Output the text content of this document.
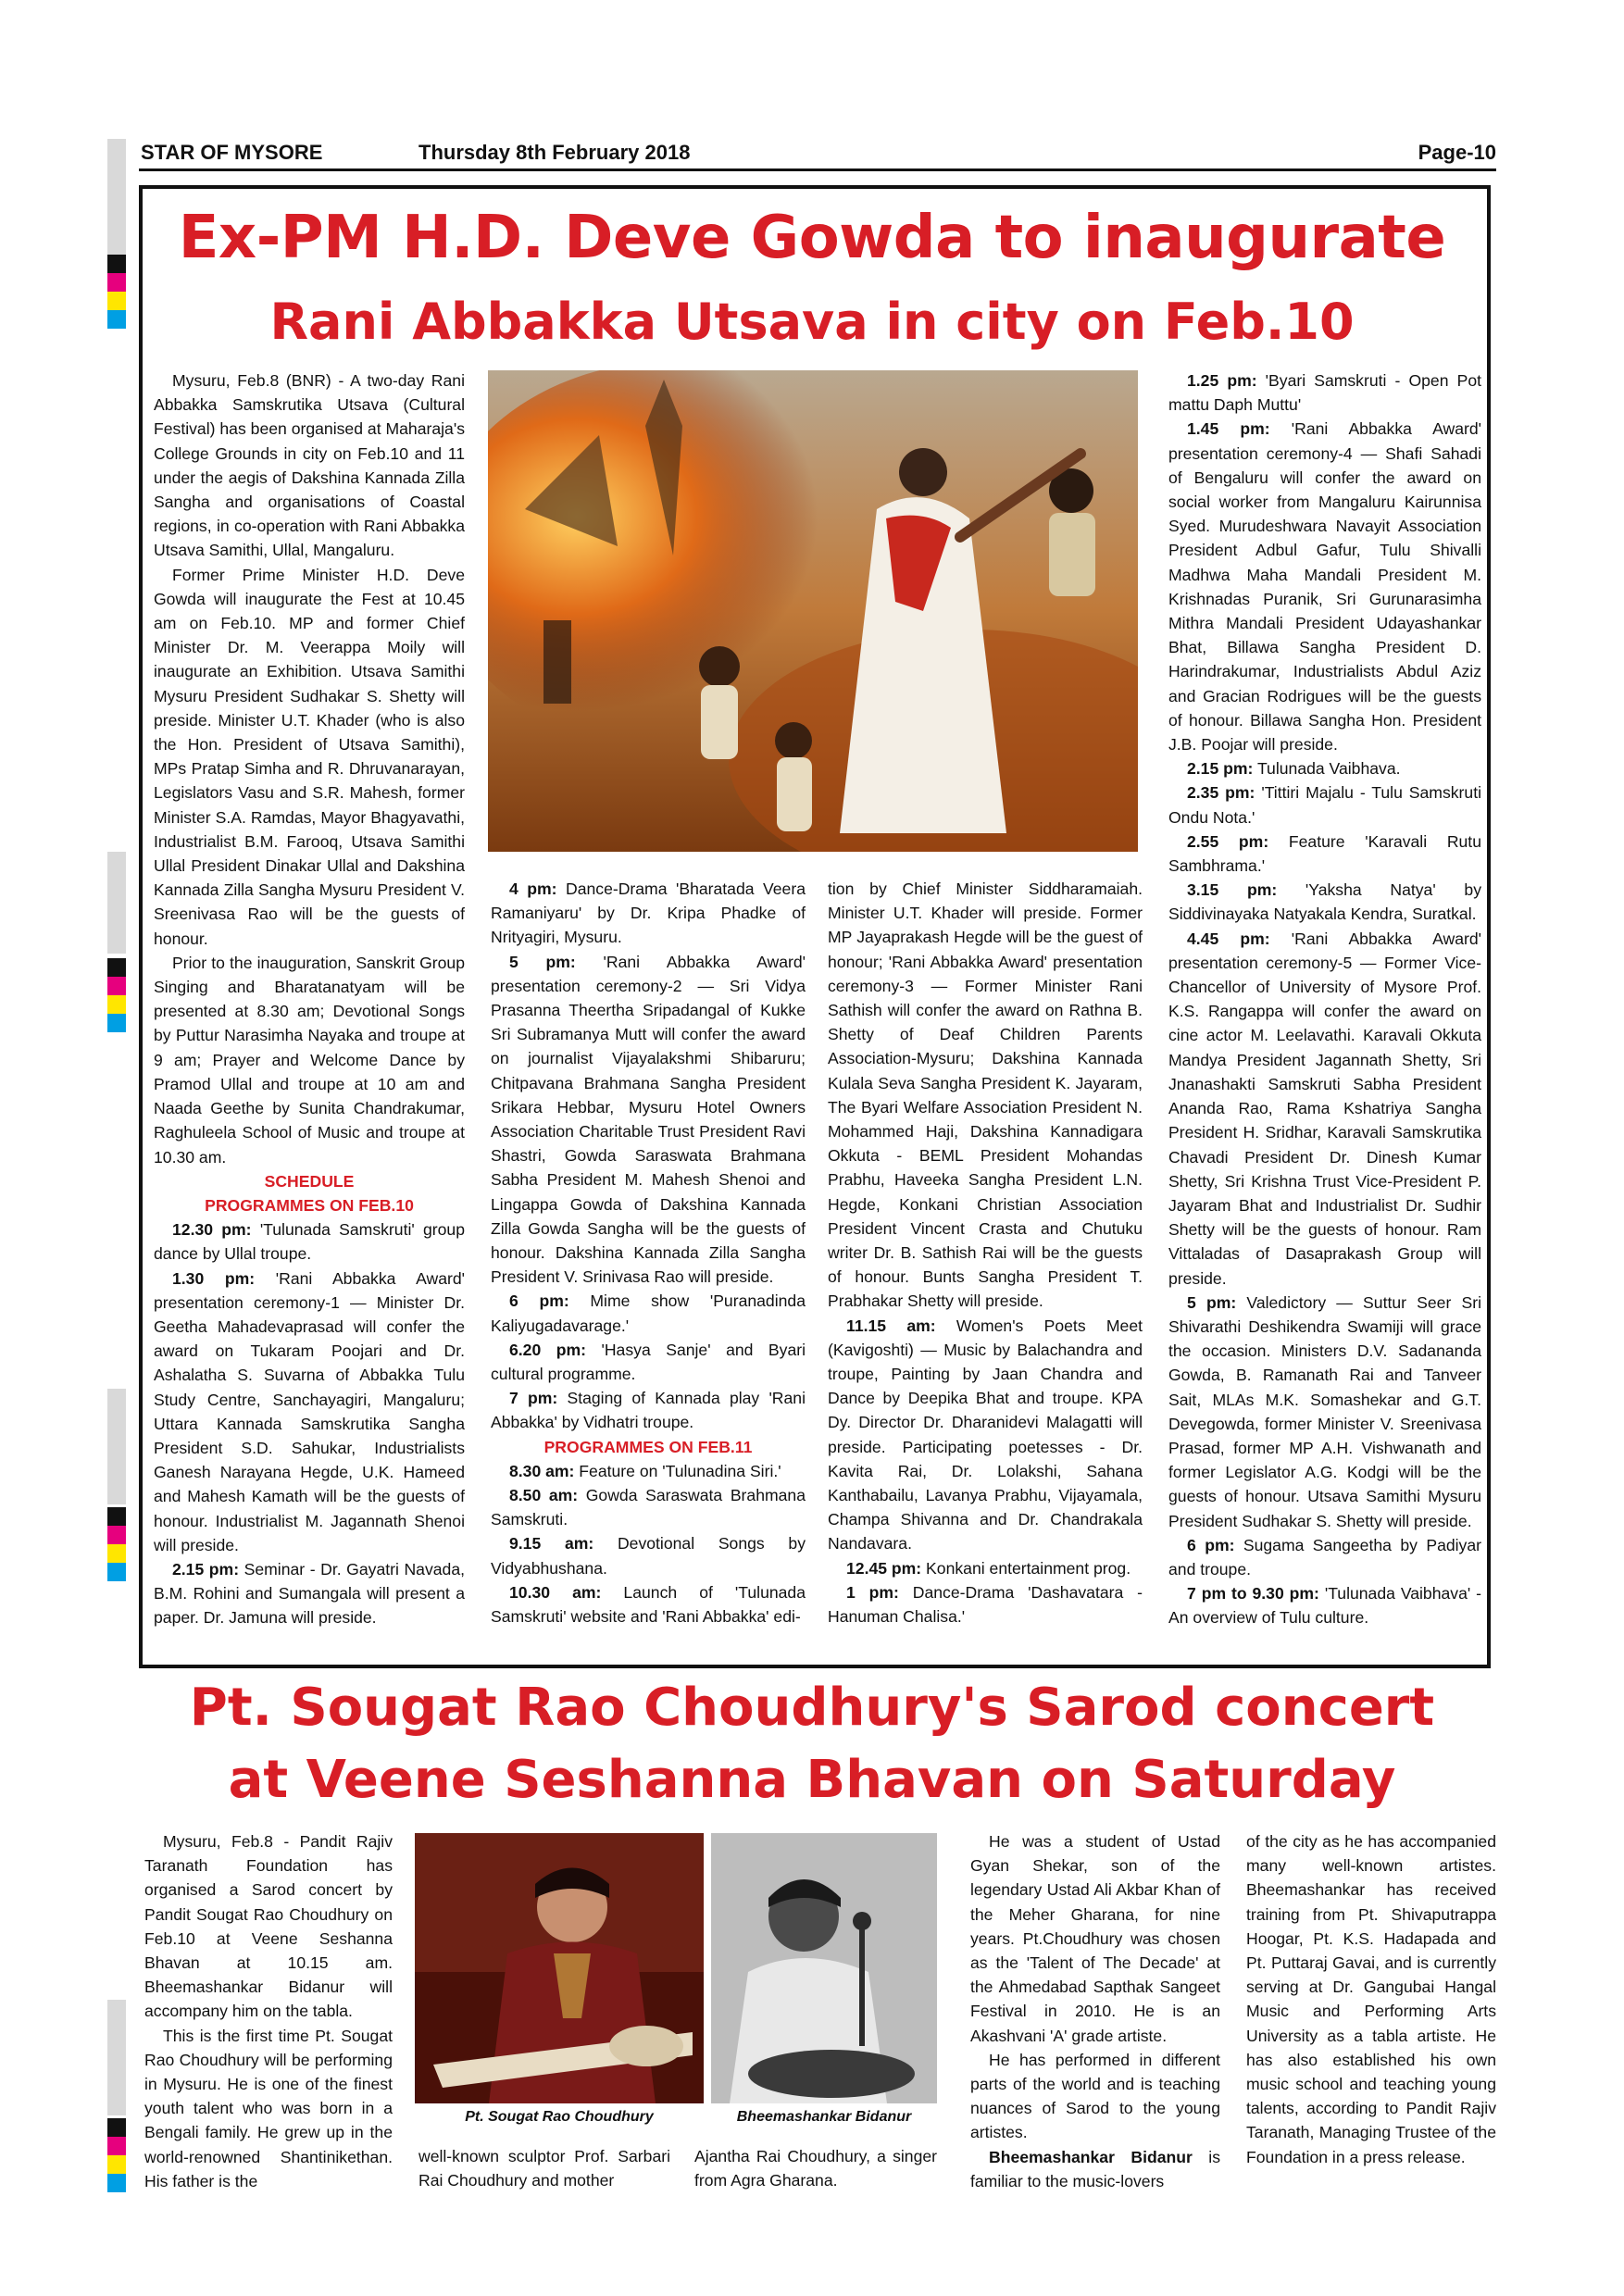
STAR OF MYSORE	Thursday 8th February 2018	Page-10
Ex-PM H.D. Deve Gowda to inaugurate
Rani Abbakka Utsava in city on Feb.10

Mysuru, Feb.8 (BNR) - A two-day Rani Abbakka Samskrutika Utsava (Cultural Festival) has been organised at Maharaja's College Grounds in city on Feb.10 and 11 under the aegis of Dakshina Kannada Zilla Sangha and organisations of Coastal regions, in co-operation with Rani Abbakka Utsava Samithi, Ullal, Mangaluru.

Former Prime Minister H.D. Deve Gowda will inaugurate the Fest at 10.45 am on Feb.10. MP and former Chief Minister Dr. M. Veerappa Moily will inaugurate an Exhibition. Utsava Samithi Mysuru President Sudhakar S. Shetty will preside. Minister U.T. Khader (who is also the Hon. President of Utsava Samithi), MPs Pratap Simha and R. Dhruvanarayan, Legislators Vasu and S.R. Mahesh, former Minister S.A. Ramdas, Mayor Bhagyavathi, Industrialist B.M. Farooq, Utsava Samithi Ullal President Dinakar Ullal and Dakshina Kannada Zilla Sangha Mysuru President V. Sreenivasa Rao will be the guests of honour.

Prior to the inauguration, Sanskrit Group Singing and Bharatanatyam will be presented at 8.30 am; Devotional Songs by Puttur Narasimha Nayaka and troupe at 9 am; Prayer and Welcome Dance by Pramod Ullal and troupe at 10 am and Naada Geethe by Sunita Chandrakumar, Raghuleela School of Music and troupe at 10.30 am.

SCHEDULE

PROGRAMMES ON FEB.10

12.30 pm: 'Tulunada Samskruti' group dance by Ullal troupe.

1.30 pm: 'Rani Abbakka Award' presentation ceremony-1 — Minister Dr. Geetha Mahadevaprasad will confer the award on Tukaram Poojari and Dr. Ashalatha S. Suvarna of Abbakka Tulu Study Centre, Sanchayagiri, Mangaluru; Uttara Kannada Samskrutika Sangha President S.D. Sahukar, Industrialists Ganesh Narayana Hegde, U.K. Hameed and Mahesh Kamath will be the guests of honour. Industrialist M. Jagannath Shenoi will preside.

2.15 pm: Seminar - Dr. Gayatri Navada, B.M. Rohini and Sumangala will present a paper. Dr. Jamuna will preside.

4 pm: Dance-Drama 'Bharatada Veera Ramaniyaru' by Dr. Kripa Phadke of Nrityagiri, Mysuru.

5 pm: 'Rani Abbakka Award' presentation ceremony-2 — Sri Vidya Prasanna Theertha Sripadangal of Kukke Sri Subramanya Mutt will confer the award on journalist Vijayalakshmi Shibaruru; Chitpavana Brahmana Sangha President Srikara Hebbar, Mysuru Hotel Owners Association Charitable Trust President Ravi Shastri, Gowda Saraswata Brahmana Sabha President M. Mahesh Shenoi and Lingappa Gowda of Dakshina Kannada Zilla Gowda Sangha will be the guests of honour. Dakshina Kannada Zilla Sangha President V. Srinivasa Rao will preside.

6 pm: Mime show 'Puranadinda Kaliyugadavarage.'

6.20 pm: 'Hasya Sanje' and Byari cultural programme.

7 pm: Staging of Kannada play 'Rani Abbakka' by Vidhatri troupe.

PROGRAMMES ON FEB.11

8.30 am: Feature on 'Tulunadina Siri.'

8.50 am: Gowda Saraswata Brahmana Samskruti.

9.15 am: Devotional Songs by Vidyabhushana.

10.30 am: Launch of 'Tulunada Samskruti' website and 'Rani Abbakka' edi-

tion by Chief Minister Siddharamaiah. Minister U.T. Khader will preside. Former MP Jayaprakash Hegde will be the guest of honour; 'Rani Abbakka Award' presentation ceremony-3 — Former Minister Rani Sathish will confer the award on Rathna B. Shetty of Deaf Children Parents Association-Mysuru; Dakshina Kannada Kulala Seva Sangha President K. Jayaram, The Byari Welfare Association President N. Mohammed Haji, Dakshina Kannadigara Okkuta - BEML President Mohandas Prabhu, Haveeka Sangha President L.N. Hegde, Konkani Christian Association President Vincent Crasta and Chutuku writer Dr. B. Sathish Rai will be the guests of honour. Bunts Sangha President T. Prabhakar Shetty will preside.

11.15 am: Women's Poets Meet (Kavigoshti) — Music by Balachandra and troupe, Painting by Jaan Chandra and Dance by Deepika Bhat and troupe. KPA Dy. Director Dr. Dharanidevi Malagatti will preside. Participating poetesses - Dr. Kavita Rai, Dr. Lolakshi, Sahana Kanthabailu, Lavanya Prabhu, Vijayamala, Champa Shivanna and Dr. Chandrakala Nandavara.

12.45 pm: Konkani entertainment prog.

1 pm: Dance-Drama 'Dashavatara - Hanuman Chalisa.'

1.25 pm: 'Byari Samskruti - Open Pot mattu Daph Muttu'

1.45 pm: 'Rani Abbakka Award' presentation ceremony-4 — Shafi Sahadi of Bengaluru will confer the award on social worker from Mangaluru Kairunnisa Syed. Murudeshwara Navayit Association President Adbul Gafur, Tulu Shivalli Madhwa Maha Mandali President M. Krishnadas Puranik, Sri Gurunarasimha Mithra Mandali President Udayashankar Bhat, Billawa Sangha President D. Harindrakumar, Industrialists Abdul Aziz and Gracian Rodrigues will be the guests of honour. Billawa Sangha Hon. President J.B. Poojar will preside.

2.15 pm: Tulunada Vaibhava.

2.35 pm: 'Tittiri Majalu - Tulu Samskruti Ondu Nota.'

2.55 pm: Feature 'Karavali Rutu Sambhrama.'

3.15 pm: 'Yaksha Natya' by Siddivinayaka Natyakala Kendra, Suratkal.

4.45 pm: 'Rani Abbakka Award' presentation ceremony-5 — Former Vice-Chancellor of University of Mysore Prof. K.S. Rangappa will confer the award on cine actor M. Leelavathi. Karavali Okkuta Mandya President Jagannath Shetty, Sri Jnanashakti Samskruti Sabha President Ananda Rao, Rama Kshatriya Sangha President H. Sridhar, Karavali Samskrutika Chavadi President Dr. Dinesh Kumar Shetty, Sri Krishna Trust Vice-President P. Jayaram Bhat and Industrialist Dr. Sudhir Shetty will be the guests of honour. Ram Vittaladas of Dasaprakash Group will preside.

5 pm: Valedictory — Suttur Seer Sri Shivarathi Deshikendra Swamiji will grace the occasion. Ministers D.V. Sadananda Gowda, B. Ramanath Rai and Tanveer Sait, MLAs M.K. Somashekar and G.T. Devegowda, former Minister V. Sreenivasa Prasad, former MP A.H. Vishwanath and former Legislator A.G. Kodgi will be the guests of honour. Utsava Samithi Mysuru President Sudhakar S. Shetty will preside.

6 pm: Sugama Sangeetha by Padiyar and troupe.

7 pm to 9.30 pm: 'Tulunada Vaibhava' - An overview of Tulu culture.

Pt. Sougat Rao Choudhury's Sarod concert
at Veene Seshanna Bhavan on Saturday

Mysuru, Feb.8 - Pandit Rajiv Taranath Foundation has organised a Sarod concert by Pandit Sougat Rao Choudhury on Feb.10 at Veene Seshanna Bhavan at 10.15 am. Bheemashankar Bidanur will accompany him on the tabla.

This is the first time Pt. Sougat Rao Choudhury will be performing in Mysuru. He is one of the finest youth talent who was born in a Bengali family. He grew up in the world-renowned Shantinikethan. His father is the

Pt. Sougat Rao Choudhury	Bheemashankar Bidanur

well-known sculptor Prof. Sarbari Rai Choudhury and mother

Ajantha Rai Choudhury, a singer from Agra Gharana.

He was a student of Ustad Gyan Shekar, son of the legendary Ustad Ali Akbar Khan of the Meher Gharana, for nine years. Pt.Choudhury was chosen as the 'Talent of The Decade' at the Ahmedabad Sapthak Sangeet Festival in 2010. He is an Akashvani 'A' grade artiste.

He has performed in different parts of the world and is teaching nuances of Sarod to the young artistes.

Bheemashankar Bidanur is familiar to the music-lovers

of the city as he has accompanied many well-known artistes. Bheemashankar has received training from Pt. Shivaputrappa Hoogar, Pt. K.S. Hadapada and Pt. Puttaraj Gavai, and is currently serving at Dr. Gangubai Hangal Music and Performing Arts University as a tabla artiste. He has also established his own music school and teaching young talents, according to Pandit Rajiv Taranath, Managing Trustee of the Foundation in a press release.
